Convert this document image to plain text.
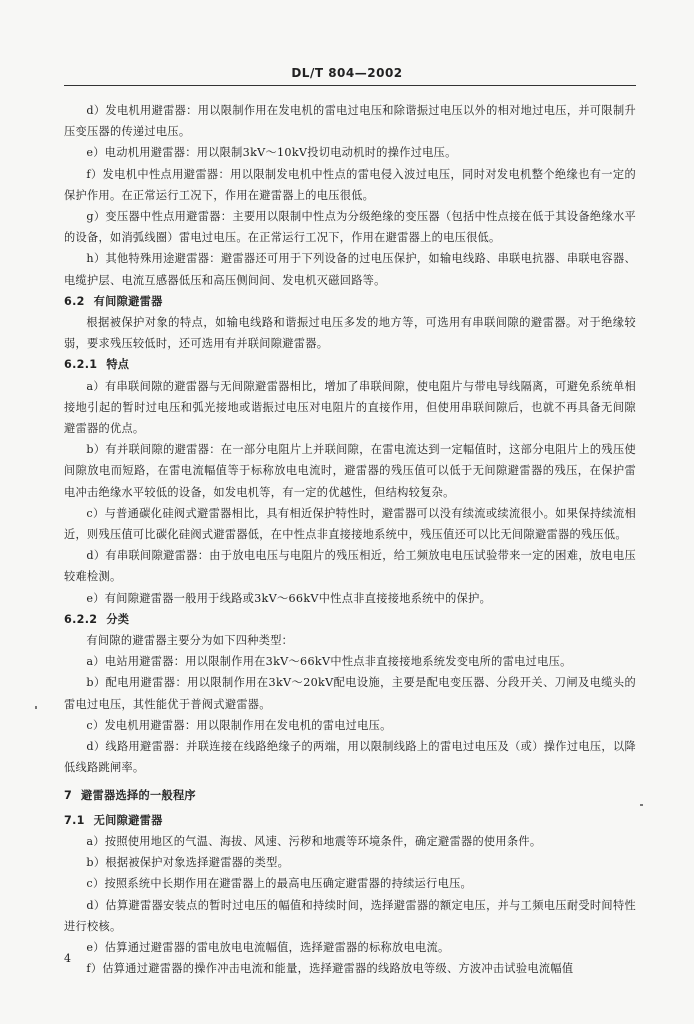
DL/T 804—2002

d）发电机用避雷器：用以限制作用在发电机的雷电过电压和除谐振过电压以外的相对地过电压，并可限制升压变压器的传递过电压。

e）电动机用避雷器：用以限制3kV～10kV投切电动机时的操作过电压。

f）发电机中性点用避雷器：用以限制发电机中性点的雷电侵入波过电压，同时对发电机整个绝缘也有一定的保护作用。在正常运行工况下，作用在避雷器上的电压很低。

g）变压器中性点用避雷器：主要用以限制中性点为分级绝缘的变压器（包括中性点接在低于其设备绝缘水平的设备，如消弧线圈）雷电过电压。在正常运行工况下，作用在避雷器上的电压很低。

h）其他特殊用途避雷器：避雷器还可用于下列设备的过电压保护，如输电线路、串联电抗器、串联电容器、电缆护层、电流互感器低压和高压侧间间、发电机灭磁回路等。

6.2 有间隙避雷器

根据被保护对象的特点，如输电线路和谐振过电压多发的地方等，可选用有串联间隙的避雷器。对于绝缘较弱，要求残压较低时，还可选用有并联间隙避雷器。

6.2.1 特点

a）有串联间隙的避雷器与无间隙避雷器相比，增加了串联间隙，使电阻片与带电导线隔离，可避免系统单相接地引起的暂时过电压和弧光接地或谐振过电压对电阻片的直接作用，但使用串联间隙后，也就不再具备无间隙避雷器的优点。

b）有并联间隙的避雷器：在一部分电阻片上并联间隙，在雷电流达到一定幅值时，这部分电阻片上的残压使间隙放电而短路，在雷电流幅值等于标称放电电流时，避雷器的残压值可以低于无间隙避雷器的残压，在保护雷电冲击绝缘水平较低的设备，如发电机等，有一定的优越性，但结构较复杂。

c）与普通碳化硅阀式避雷器相比，具有相近保护特性时，避雷器可以没有续流或续流很小。如果保持续流相近，则残压值可比碳化硅阀式避雷器低，在中性点非直接接地系统中，残压值还可以比无间隙避雷器的残压低。

d）有串联间隙避雷器：由于放电电压与电阻片的残压相近，给工频放电电压试验带来一定的困难，放电电压较难检测。

e）有间隙避雷器一般用于线路或3kV～66kV中性点非直接接地系统中的保护。

6.2.2 分类

有间隙的避雷器主要分为如下四种类型：

a）电站用避雷器：用以限制作用在3kV～66kV中性点非直接接地系统发变电所的雷电过电压。

b）配电用避雷器：用以限制作用在3kV～20kV配电设施，主要是配电变压器、分段开关、刀闸及电缆头的雷电过电压，其性能优于普阀式避雷器。

c）发电机用避雷器：用以限制作用在发电机的雷电过电压。

d）线路用避雷器：并联连接在线路绝缘子的两端，用以限制线路上的雷电过电压及（或）操作过电压，以降低线路跳闸率。

7 避雷器选择的一般程序

7.1 无间隙避雷器

a）按照使用地区的气温、海拔、风速、污秽和地震等环境条件，确定避雷器的使用条件。

b）根据被保护对象选择避雷器的类型。

c）按照系统中长期作用在避雷器上的最高电压确定避雷器的持续运行电压。

d）估算避雷器安装点的暂时过电压的幅值和持续时间，选择避雷器的额定电压，并与工频电压耐受时间特性进行校核。

e）估算通过避雷器的雷电放电电流幅值，选择避雷器的标称放电电流。

f）估算通过避雷器的操作冲击电流和能量，选择避雷器的线路放电等级、方波冲击试验电流幅值

4
